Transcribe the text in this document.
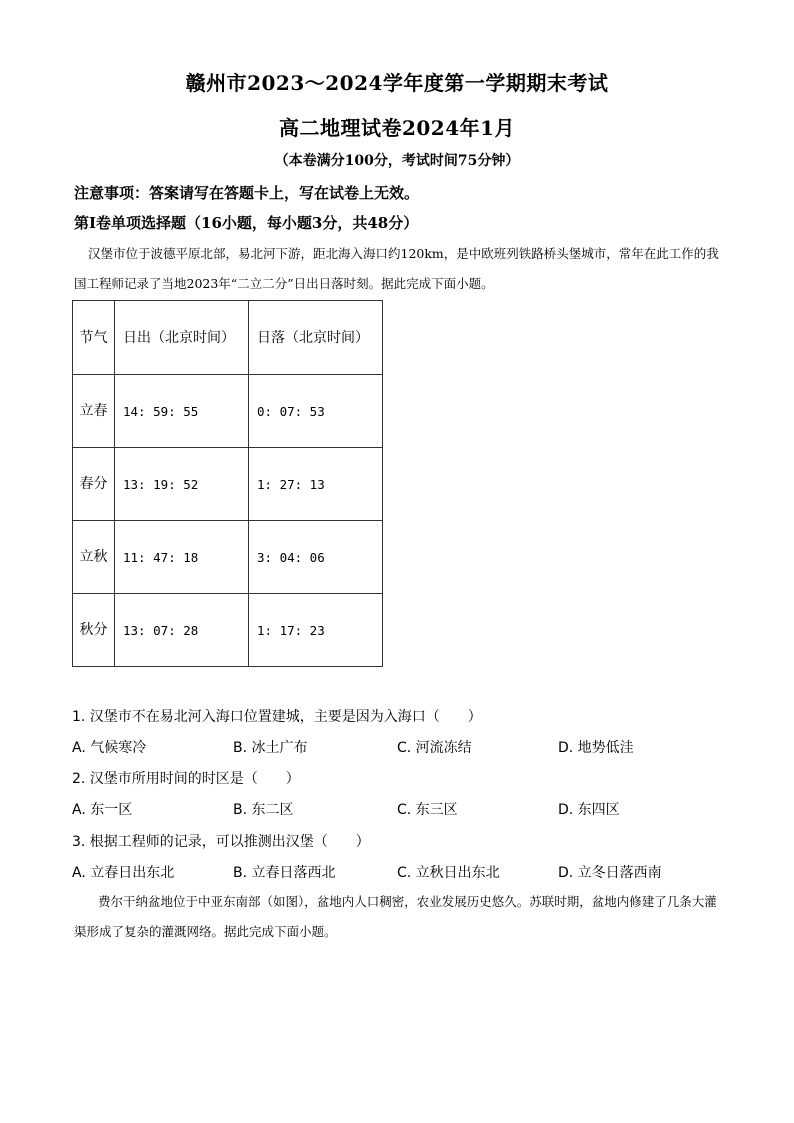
赣州市2023～2024学年度第一学期期末考试
高二地理试卷2024年1月
（本卷满分100分，考试时间75分钟）
注意事项：答案请写在答题卡上，写在试卷上无效。
第Ⅰ卷单项选择题（16小题，每小题3分，共48分）
汉堡市位于波德平原北部，易北河下游，距北海入海口约120km，是中欧班列铁路桥头堡城市，常年在此工作的我国工程师记录了当地2023年“二立二分”日出日落时刻。据此完成下面小题。
节气	日出（北京时间）	日落（北京时间）
立春	14: 59: 55	0: 07: 53
春分	13: 19: 52	1: 27: 13
立秋	11: 47: 18	3: 04: 06
秋分	13: 07: 28	1: 17: 23
1. 汉堡市不在易北河入海口位置建城，主要是因为入海口（　　）
A. 气候寒冷	B. 冰土广布	C. 河流冻结	D. 地势低洼
2. 汉堡市所用时间的时区是（　　）
A. 东一区	B. 东二区	C. 东三区	D. 东四区
3. 根据工程师的记录，可以推测出汉堡（　　）
A. 立春日出东北	B. 立春日落西北	C. 立秋日出东北	D. 立冬日落西南
费尔干纳盆地位于中亚东南部（如图），盆地内人口稠密，农业发展历史悠久。苏联时期，盆地内修建了几条大灌渠形成了复杂的灌溉网络。据此完成下面小题。
